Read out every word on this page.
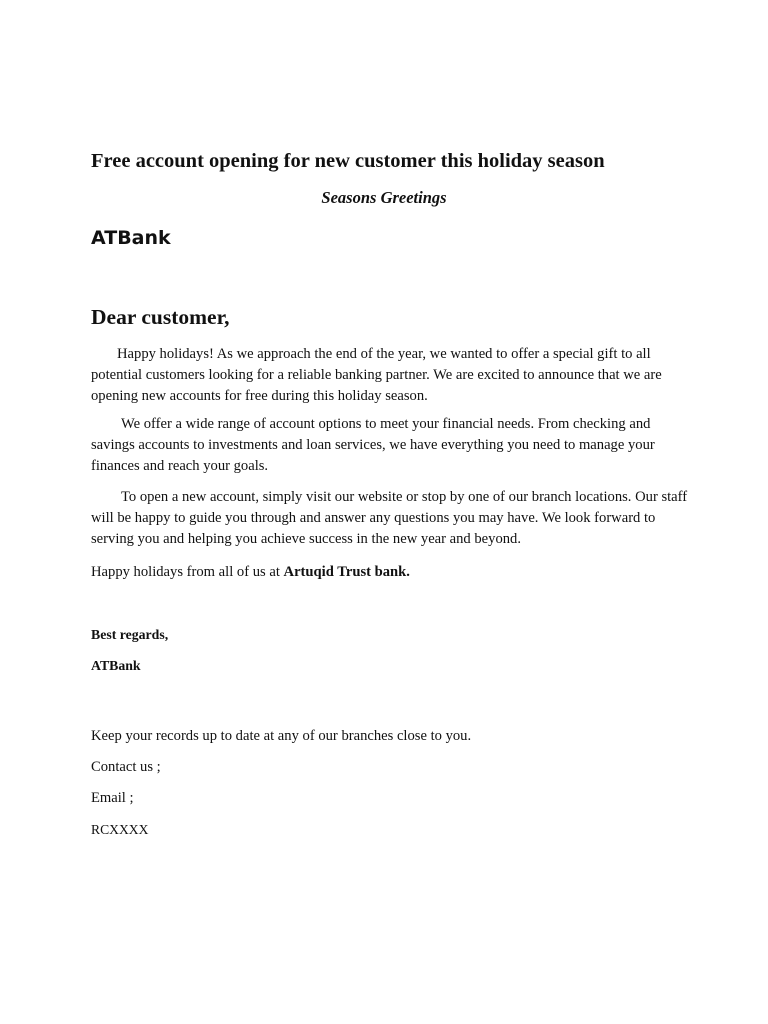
Free account opening for new customer this holiday season

Seasons Greetings

ATBank

Dear customer,

Happy holidays! As we approach the end of the year, we wanted to offer a special gift to all potential customers looking for a reliable banking partner. We are excited to announce that we are opening new accounts for free during this holiday season.

We offer a wide range of account options to meet your financial needs. From checking and savings accounts to investments and loan services, we have everything you need to manage your finances and reach your goals.

To open a new account, simply visit our website or stop by one of our branch locations. Our staff will be happy to guide you through and answer any questions you may have. We look forward to serving you and helping you achieve success in the new year and beyond.

Happy holidays from all of us at Artuqid Trust bank.

Best regards,

ATBank

Keep your records up to date at any of our branches close to you.

Contact us ;

Email ;

RCXXXX
